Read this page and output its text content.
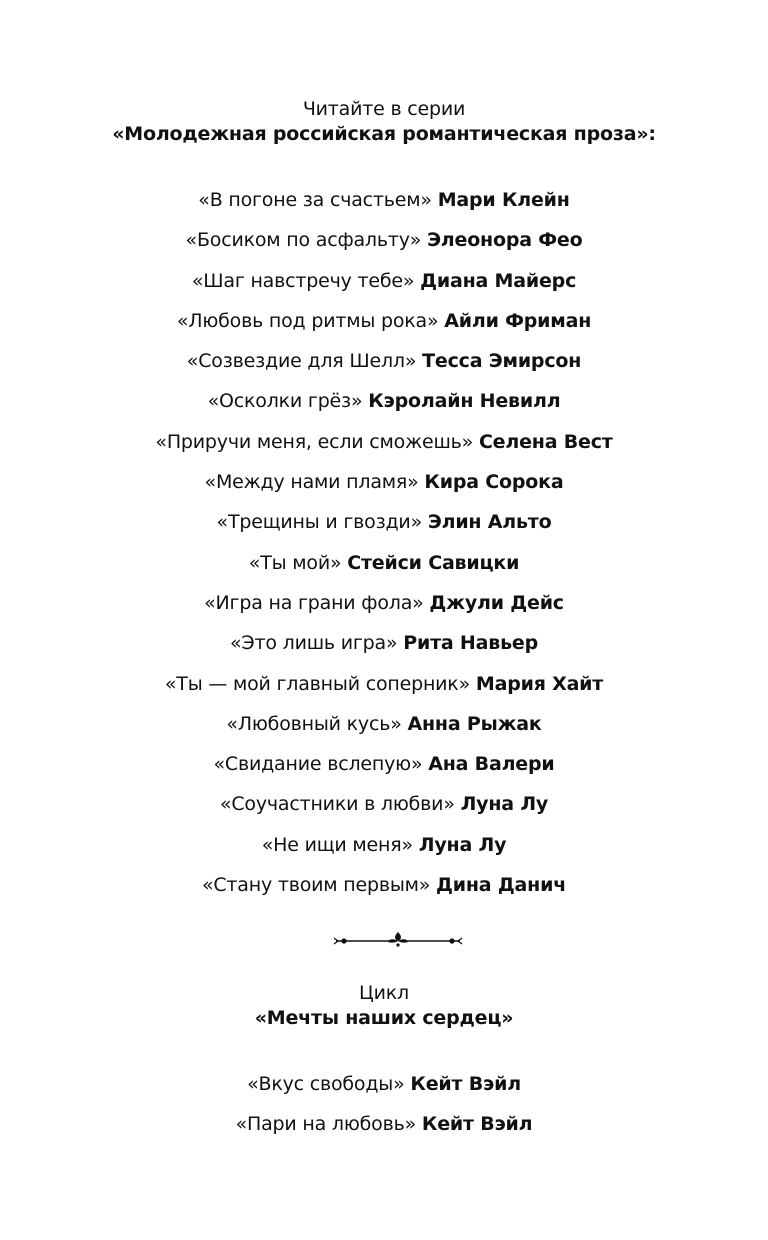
Читайте в серии
«Молодежная российская романтическая проза»:
«В погоне за счастьем» Мари Клейн
«Босиком по асфальту» Элеонора Фео
«Шаг навстречу тебе» Диана Майерс
«Любовь под ритмы рока» Айли Фриман
«Созвездие для Шелл» Тесса Эмирсон
«Осколки грёз» Кэролайн Невилл
«Приручи меня, если сможешь» Селена Вест
«Между нами пламя» Кира Сорока
«Трещины и гвозди» Элин Альто
«Ты мой» Стейси Савицки
«Игра на грани фола» Джули Дейс
«Это лишь игра» Рита Навьер
«Ты — мой главный соперник» Мария Хайт
«Любовный кусь» Анна Рыжак
«Свидание вслепую» Ана Валери
«Соучастники в любви» Луна Лу
«Не ищи меня» Луна Лу
«Стану твоим первым» Дина Данич
Цикл
«Мечты наших сердец»
«Вкус свободы» Кейт Вэйл
«Пари на любовь» Кейт Вэйл
